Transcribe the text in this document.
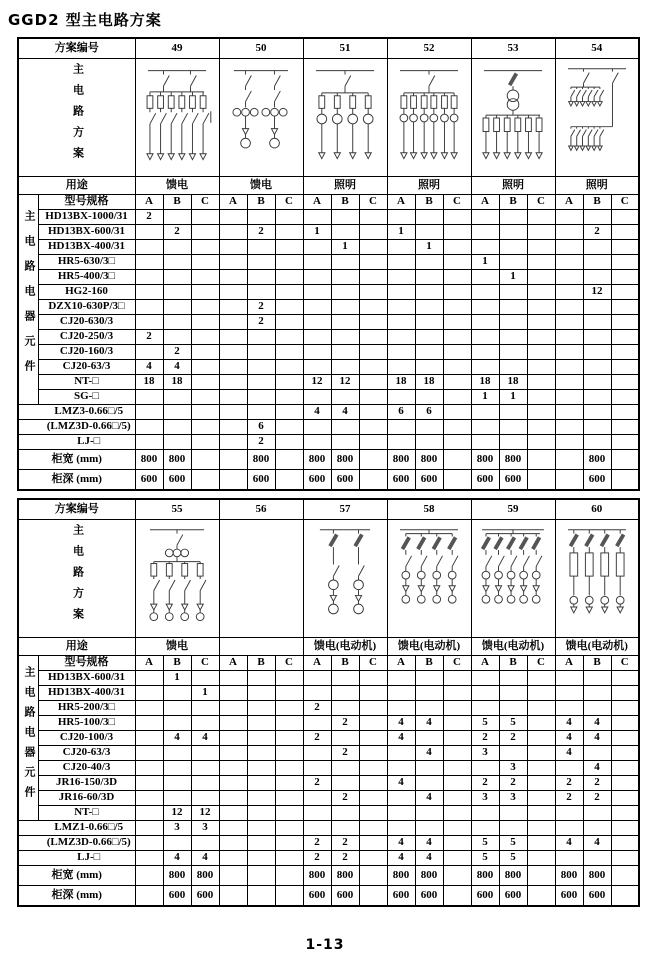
GGD2 型主电路方案
方案编号		49			50			51			52			53			54		
主电路方案	

用途		馈电			馈电			照明			照明			照明			照明		
主电路电器元件	型号规格	A	B	C	A	B	C	A	B	C	A	B	C	A	B	C	A	B	C
	HD13BX-1000/31	2																	
	HD13BX-600/31		2			2		1			1							2	
	HD13BX-400/31								1			1							
	HR5-630/3□													1					
	HR5-400/3□														1				
	HG2-160																	12	
	DZX10-630P/3□					2													
	CJ20-630/3					2													
	CJ20-250/3	2																	
	CJ20-160/3		2																
	CJ20-63/3	4	4																
	NT-□	18	18					12	12		18	18		18	18				
	SG-□													1	1				
LMZ3-0.66□/5								4	4		6	6							
(LMZ3D-0.66□/5)						6													
LJ-□						2													
柜宽 (mm)		800	800			800		800	800		800	800		800	800			800	
柜深 (mm)		600	600			600		600	600		600	600		600	600			600	
方案编号		55			56			57			58			59			60		
主电路方案	

用途		馈电						馈电(电动机)			馈电(电动机)			馈电(电动机)			馈电(电动机)		
主电路电器元件	型号规格	A	B	C	A	B	C	A	B	C	A	B	C	A	B	C	A	B	C
	HD13BX-600/31		1																
	HD13BX-400/31			1															
	HR5-200/3□							2											
	HR5-100/3□								2		4	4		5	5		4	4	
	CJ20-100/3		4	4				2			4			2	2		4	4	
	CJ20-63/3								2			4		3			4		
	CJ20-40/3														3			4	
	JR16-150/3D							2			4			2	2		2	2	
	JR16-60/3D								2			4		3	3		2	2	
	NT-□		12	12															
LMZ1-0.66□/5			3	3															
(LMZ3D-0.66□/5)								2	2		4	4		5	5		4	4	
LJ-□			4	4				2	2		4	4		5	5				
柜宽 (mm)			800	800				800	800		800	800		800	800		800	800	
柜深 (mm)			600	600				600	600		600	600		600	600		600	600	
1-13
